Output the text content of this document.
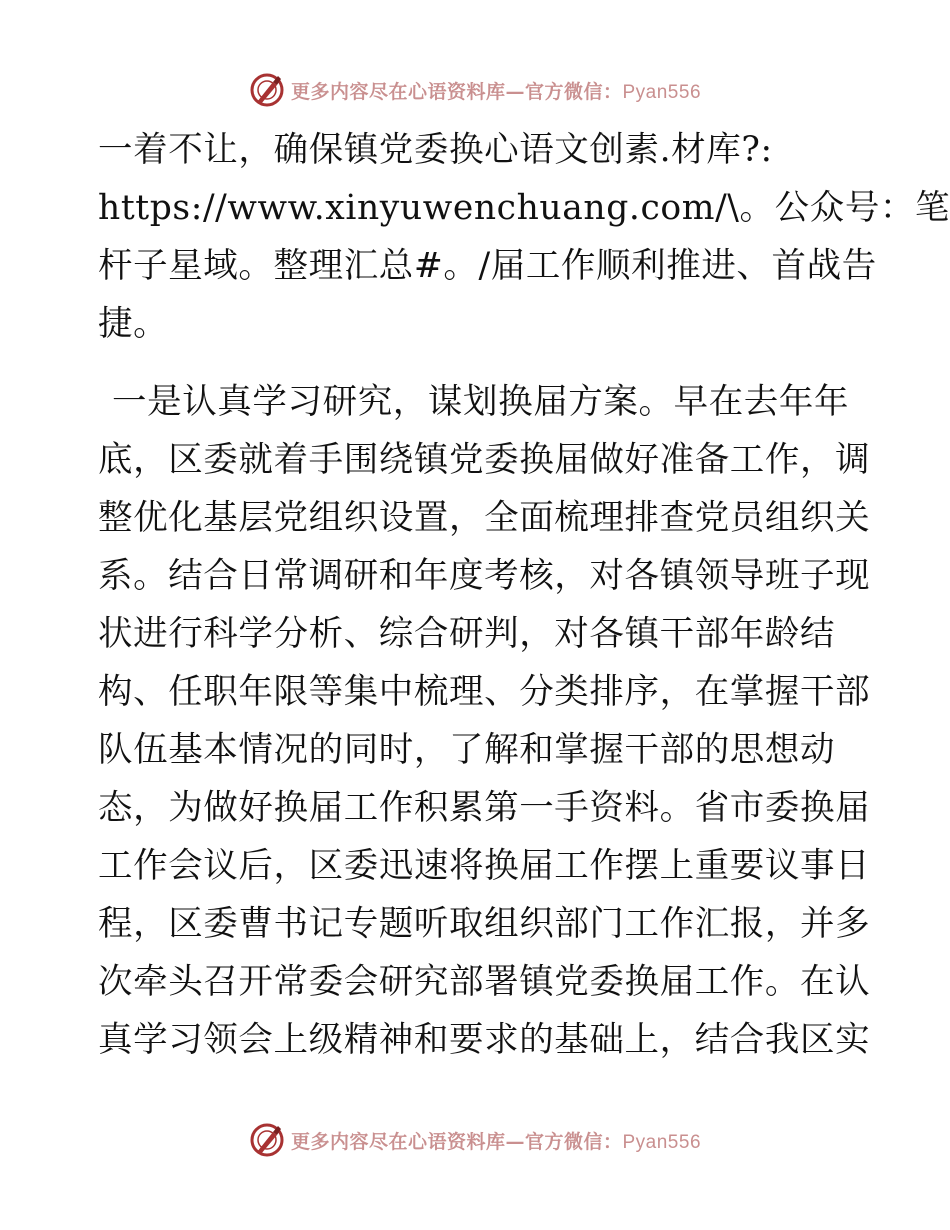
更多内容尽在心语资料库—官方微信：Pyan556
一着不让，确保镇党委换心语文创素.材库?:
https://www.xinyuwenchuang.com/\。公众号：笔
杆子星域。整理汇总#。/届工作顺利推进、首战告
捷。
一是认真学习研究，谋划换届方案。早在去年年
底，区委就着手围绕镇党委换届做好准备工作，调
整优化基层党组织设置，全面梳理排查党员组织关
系。结合日常调研和年度考核，对各镇领导班子现
状进行科学分析、综合研判，对各镇干部年龄结
构、任职年限等集中梳理、分类排序，在掌握干部
队伍基本情况的同时，了解和掌握干部的思想动
态，为做好换届工作积累第一手资料。省市委换届
工作会议后，区委迅速将换届工作摆上重要议事日
程，区委曹书记专题听取组织部门工作汇报，并多
次牵头召开常委会研究部署镇党委换届工作。在认
真学习领会上级精神和要求的基础上，结合我区实
更多内容尽在心语资料库—官方微信：Pyan556
